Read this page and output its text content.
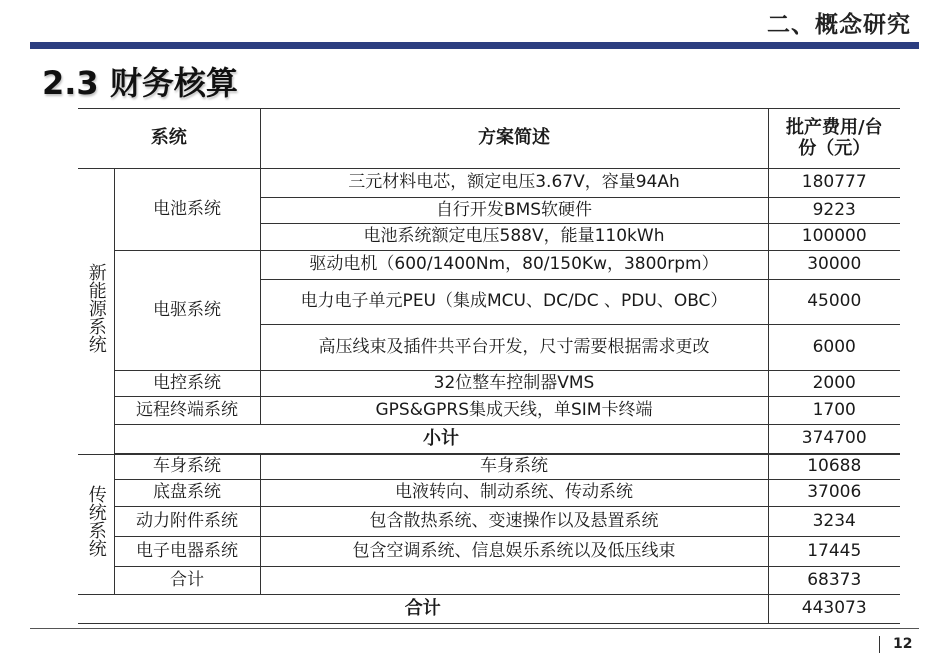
二、概念研究
2.3 财务核算
系统		方案简述	批产费用/台份（元）
新能源系统	电池系统	三元材料电芯，额定电压3.67V，容量94Ah	180777
		自行开发BMS软硬件	9223
		电池系统额定电压588V，能量110kWh	100000
	电驱系统	驱动电机（600/1400Nm，80/150Kw，3800rpm）	30000
		电力电子单元PEU（集成MCU、DC/DC 、PDU、OBC）	45000
		高压线束及插件共平台开发，尺寸需要根据需求更改	6000
	电控系统	32位整车控制器VMS	2000
	远程终端系统	GPS&GPRS集成天线，单SIM卡终端	1700
	小计		374700

传统系统	车身系统	车身系统	10688
	底盘系统	电液转向、制动系统、传动系统	37006
	动力附件系统	包含散热系统、变速操作以及悬置系统	3234
	电子电器系统	包含空调系统、信息娱乐系统以及低压线束	17445
	合计		68373
合计			443073
12
